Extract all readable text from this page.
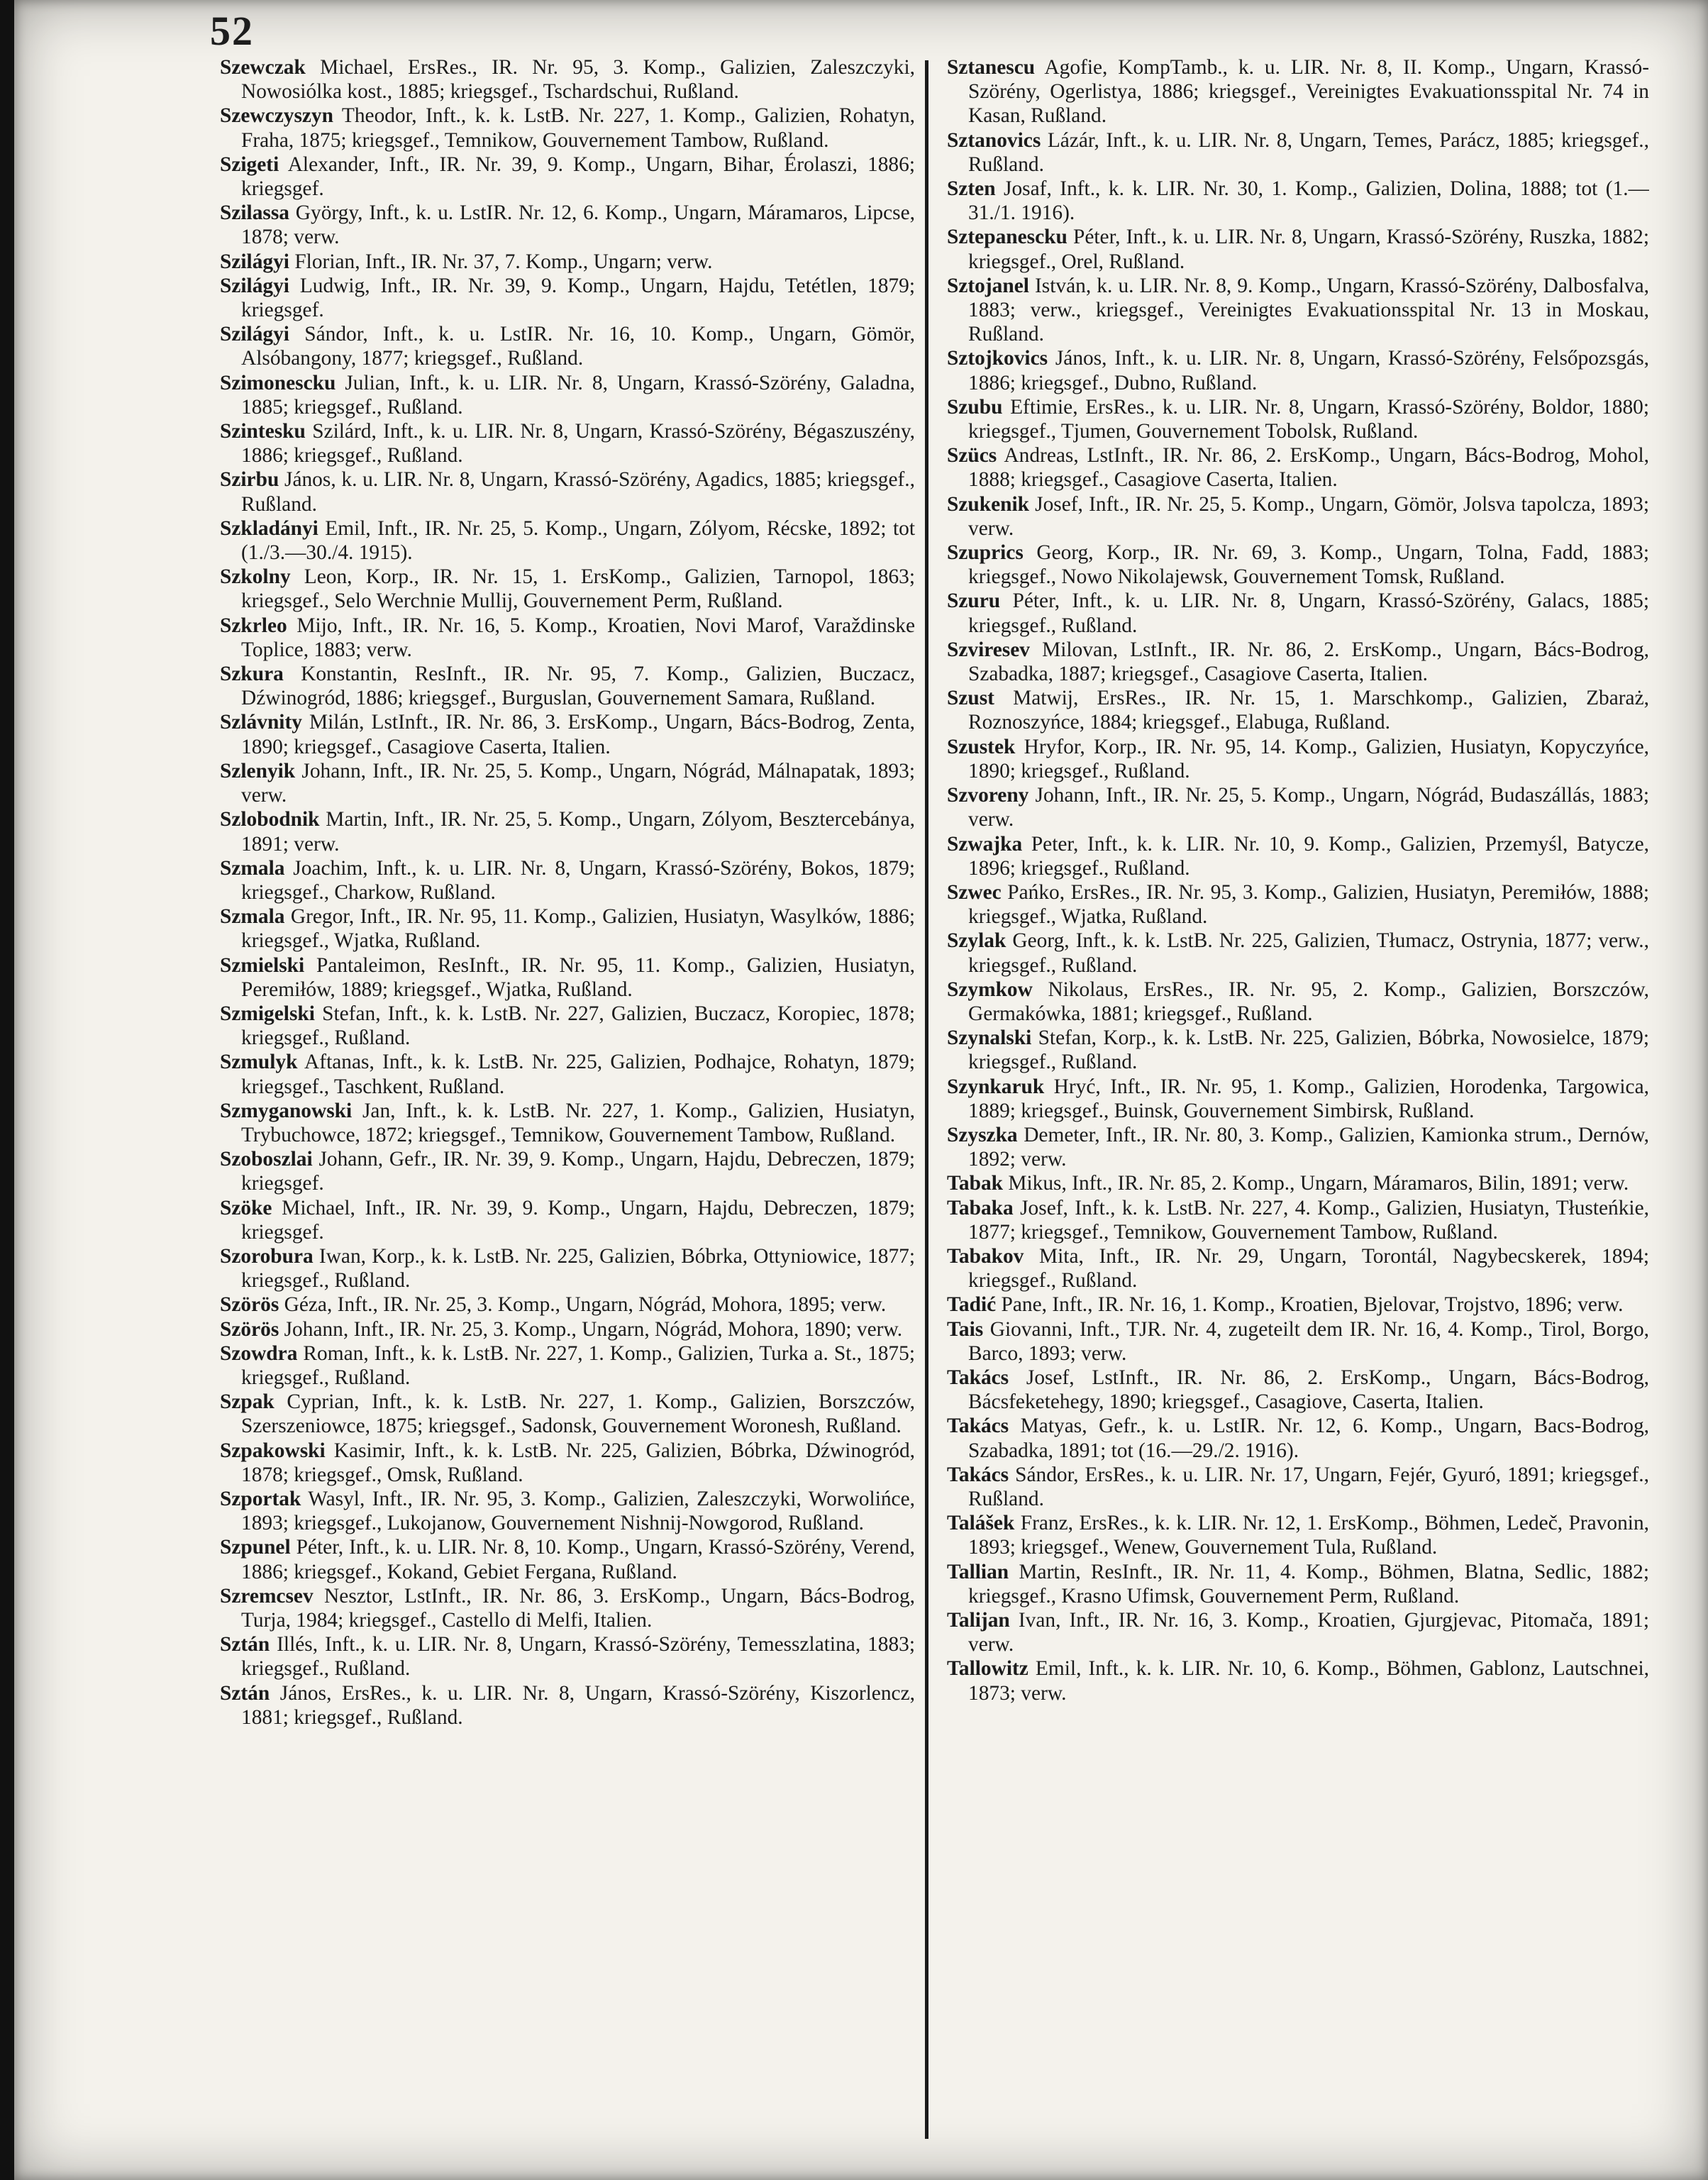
52

Szewczak Michael, ErsRes., IR. Nr. 95, 3. Komp., Galizien, Zaleszczyki, Nowosiólka kost., 1885; kriegsgef., Tschardschui, Rußland.

Szewczyszyn Theodor, Inft., k. k. LstB. Nr. 227, 1. Komp., Galizien, Rohatyn, Fraha, 1875; kriegsgef., Temnikow, Gouvernement Tambow, Rußland.

Szigeti Alexander, Inft., IR. Nr. 39, 9. Komp., Ungarn, Bihar, Érolaszi, 1886; kriegsgef.

Szilassa György, Inft., k. u. LstIR. Nr. 12, 6. Komp., Ungarn, Máramaros, Lipcse, 1878; verw.

Szilágyi Florian, Inft., IR. Nr. 37, 7. Komp., Ungarn; verw.

Szilágyi Ludwig, Inft., IR. Nr. 39, 9. Komp., Ungarn, Hajdu, Tetétlen, 1879; kriegsgef.

Szilágyi Sándor, Inft., k. u. LstIR. Nr. 16, 10. Komp., Ungarn, Gömör, Alsóbangony, 1877; kriegsgef., Rußland.

Szimonescku Julian, Inft., k. u. LIR. Nr. 8, Ungarn, Krassó-Szörény, Galadna, 1885; kriegsgef., Rußland.

Szintesku Szilárd, Inft., k. u. LIR. Nr. 8, Ungarn, Krassó-Szörény, Bégaszuszény, 1886; kriegsgef., Rußland.

Szirbu János, k. u. LIR. Nr. 8, Ungarn, Krassó-Szörény, Agadics, 1885; kriegsgef., Rußland.

Szkladányi Emil, Inft., IR. Nr. 25, 5. Komp., Ungarn, Zólyom, Récske, 1892; tot (1./3.—30./4. 1915).

Szkolny Leon, Korp., IR. Nr. 15, 1. ErsKomp., Galizien, Tarnopol, 1863; kriegsgef., Selo Werchnie Mullij, Gouvernement Perm, Rußland.

Szkrleo Mijo, Inft., IR. Nr. 16, 5. Komp., Kroatien, Novi Marof, Varaždinske Toplice, 1883; verw.

Szkura Konstantin, ResInft., IR. Nr. 95, 7. Komp., Galizien, Buczacz, Dźwinogród, 1886; kriegsgef., Burguslan, Gouvernement Samara, Rußland.

Szlávnity Milán, LstInft., IR. Nr. 86, 3. ErsKomp., Ungarn, Bács-Bodrog, Zenta, 1890; kriegsgef., Casagiove Caserta, Italien.

Szlenyik Johann, Inft., IR. Nr. 25, 5. Komp., Ungarn, Nógrád, Málnapatak, 1893; verw.

Szlobodnik Martin, Inft., IR. Nr. 25, 5. Komp., Ungarn, Zólyom, Besztercebánya, 1891; verw.

Szmala Joachim, Inft., k. u. LIR. Nr. 8, Ungarn, Krassó-Szörény, Bokos, 1879; kriegsgef., Charkow, Rußland.

Szmala Gregor, Inft., IR. Nr. 95, 11. Komp., Galizien, Husiatyn, Wasylków, 1886; kriegsgef., Wjatka, Rußland.

Szmielski Pantaleimon, ResInft., IR. Nr. 95, 11. Komp., Galizien, Husiatyn, Peremiłów, 1889; kriegsgef., Wjatka, Rußland.

Szmigelski Stefan, Inft., k. k. LstB. Nr. 227, Galizien, Buczacz, Koropiec, 1878; kriegsgef., Rußland.

Szmulyk Aftanas, Inft., k. k. LstB. Nr. 225, Galizien, Podhajce, Rohatyn, 1879; kriegsgef., Taschkent, Rußland.

Szmyganowski Jan, Inft., k. k. LstB. Nr. 227, 1. Komp., Galizien, Husiatyn, Trybuchowce, 1872; kriegsgef., Temnikow, Gouvernement Tambow, Rußland.

Szoboszlai Johann, Gefr., IR. Nr. 39, 9. Komp., Ungarn, Hajdu, Debreczen, 1879; kriegsgef.

Szöke Michael, Inft., IR. Nr. 39, 9. Komp., Ungarn, Hajdu, Debreczen, 1879; kriegsgef.

Szorobura Iwan, Korp., k. k. LstB. Nr. 225, Galizien, Bóbrka, Ottyniowice, 1877; kriegsgef., Rußland.

Szörös Géza, Inft., IR. Nr. 25, 3. Komp., Ungarn, Nógrád, Mohora, 1895; verw.

Szörös Johann, Inft., IR. Nr. 25, 3. Komp., Ungarn, Nógrád, Mohora, 1890; verw.

Szowdra Roman, Inft., k. k. LstB. Nr. 227, 1. Komp., Galizien, Turka a. St., 1875; kriegsgef., Rußland.

Szpak Cyprian, Inft., k. k. LstB. Nr. 227, 1. Komp., Galizien, Borszczów, Szerszeniowce, 1875; kriegsgef., Sadonsk, Gouvernement Woronesh, Rußland.

Szpakowski Kasimir, Inft., k. k. LstB. Nr. 225, Galizien, Bóbrka, Dźwinogród, 1878; kriegsgef., Omsk, Rußland.

Szportak Wasyl, Inft., IR. Nr. 95, 3. Komp., Galizien, Zaleszczyki, Worwolińce, 1893; kriegsgef., Lukojanow, Gouvernement Nishnij-Nowgorod, Rußland.

Szpunel Péter, Inft., k. u. LIR. Nr. 8, 10. Komp., Ungarn, Krassó-Szörény, Verend, 1886; kriegsgef., Kokand, Gebiet Fergana, Rußland.

Szremcsev Nesztor, LstInft., IR. Nr. 86, 3. ErsKomp., Ungarn, Bács-Bodrog, Turja, 1984; kriegsgef., Castello di Melfi, Italien.

Sztán Illés, Inft., k. u. LIR. Nr. 8, Ungarn, Krassó-Szörény, Temesszlatina, 1883; kriegsgef., Rußland.

Sztán János, ErsRes., k. u. LIR. Nr. 8, Ungarn, Krassó-Szörény, Kiszorlencz, 1881; kriegsgef., Rußland.

Sztanescu Agofie, KompTamb., k. u. LIR. Nr. 8, II. Komp., Ungarn, Krassó-Szörény, Ogerlistya, 1886; kriegsgef., Vereinigtes Evakuationsspital Nr. 74 in Kasan, Rußland.

Sztanovics Lázár, Inft., k. u. LIR. Nr. 8, Ungarn, Temes, Parácz, 1885; kriegsgef., Rußland.

Szten Josaf, Inft., k. k. LIR. Nr. 30, 1. Komp., Galizien, Dolina, 1888; tot (1.—31./1. 1916).

Sztepanescku Péter, Inft., k. u. LIR. Nr. 8, Ungarn, Krassó-Szörény, Ruszka, 1882; kriegsgef., Orel, Rußland.

Sztojanel István, k. u. LIR. Nr. 8, 9. Komp., Ungarn, Krassó-Szörény, Dalbosfalva, 1883; verw., kriegsgef., Vereinigtes Evakuationsspital Nr. 13 in Moskau, Rußland.

Sztojkovics János, Inft., k. u. LIR. Nr. 8, Ungarn, Krassó-Szörény, Felsőpozsgás, 1886; kriegsgef., Dubno, Rußland.

Szubu Eftimie, ErsRes., k. u. LIR. Nr. 8, Ungarn, Krassó-Szörény, Boldor, 1880; kriegsgef., Tjumen, Gouvernement Tobolsk, Rußland.

Szücs Andreas, LstInft., IR. Nr. 86, 2. ErsKomp., Ungarn, Bács-Bodrog, Mohol, 1888; kriegsgef., Casagiove Caserta, Italien.

Szukenik Josef, Inft., IR. Nr. 25, 5. Komp., Ungarn, Gömör, Jolsva tapolcza, 1893; verw.

Szuprics Georg, Korp., IR. Nr. 69, 3. Komp., Ungarn, Tolna, Fadd, 1883; kriegsgef., Nowo Nikolajewsk, Gouvernement Tomsk, Rußland.

Szuru Péter, Inft., k. u. LIR. Nr. 8, Ungarn, Krassó-Szörény, Galacs, 1885; kriegsgef., Rußland.

Szviresev Milovan, LstInft., IR. Nr. 86, 2. ErsKomp., Ungarn, Bács-Bodrog, Szabadka, 1887; kriegsgef., Casagiove Caserta, Italien.

Szust Matwij, ErsRes., IR. Nr. 15, 1. Marschkomp., Galizien, Zbaraż, Roznoszyńce, 1884; kriegsgef., Elabuga, Rußland.

Szustek Hryfor, Korp., IR. Nr. 95, 14. Komp., Galizien, Husiatyn, Kopyczyńce, 1890; kriegsgef., Rußland.

Szvoreny Johann, Inft., IR. Nr. 25, 5. Komp., Ungarn, Nógrád, Budaszállás, 1883; verw.

Szwajka Peter, Inft., k. k. LIR. Nr. 10, 9. Komp., Galizien, Przemyśl, Batycze, 1896; kriegsgef., Rußland.

Szwec Pańko, ErsRes., IR. Nr. 95, 3. Komp., Galizien, Husiatyn, Peremiłów, 1888; kriegsgef., Wjatka, Rußland.

Szylak Georg, Inft., k. k. LstB. Nr. 225, Galizien, Tłumacz, Ostrynia, 1877; verw., kriegsgef., Rußland.

Szymkow Nikolaus, ErsRes., IR. Nr. 95, 2. Komp., Galizien, Borszczów, Germakówka, 1881; kriegsgef., Rußland.

Szynalski Stefan, Korp., k. k. LstB. Nr. 225, Galizien, Bóbrka, Nowosielce, 1879; kriegsgef., Rußland.

Szynkaruk Hryć, Inft., IR. Nr. 95, 1. Komp., Galizien, Horodenka, Targowica, 1889; kriegsgef., Buinsk, Gouvernement Simbirsk, Rußland.

Szyszka Demeter, Inft., IR. Nr. 80, 3. Komp., Galizien, Kamionka strum., Dernów, 1892; verw.

Tabak Mikus, Inft., IR. Nr. 85, 2. Komp., Ungarn, Máramaros, Bilin, 1891; verw.

Tabaka Josef, Inft., k. k. LstB. Nr. 227, 4. Komp., Galizien, Husiatyn, Tłusteńkie, 1877; kriegsgef., Temnikow, Gouvernement Tambow, Rußland.

Tabakov Mita, Inft., IR. Nr. 29, Ungarn, Torontál, Nagybecskerek, 1894; kriegsgef., Rußland.

Tadić Pane, Inft., IR. Nr. 16, 1. Komp., Kroatien, Bjelovar, Trojstvo, 1896; verw.

Tais Giovanni, Inft., TJR. Nr. 4, zugeteilt dem IR. Nr. 16, 4. Komp., Tirol, Borgo, Barco, 1893; verw.

Takács Josef, LstInft., IR. Nr. 86, 2. ErsKomp., Ungarn, Bács-Bodrog, Bácsfeketehegy, 1890; kriegsgef., Casagiove, Caserta, Italien.

Takács Matyas, Gefr., k. u. LstIR. Nr. 12, 6. Komp., Ungarn, Bacs-Bodrog, Szabadka, 1891; tot (16.—29./2. 1916).

Takács Sándor, ErsRes., k. u. LIR. Nr. 17, Ungarn, Fejér, Gyuró, 1891; kriegsgef., Rußland.

Talášek Franz, ErsRes., k. k. LIR. Nr. 12, 1. ErsKomp., Böhmen, Ledeč, Pravonin, 1893; kriegsgef., Wenew, Gouvernement Tula, Rußland.

Tallian Martin, ResInft., IR. Nr. 11, 4. Komp., Böhmen, Blatna, Sedlic, 1882; kriegsgef., Krasno Ufimsk, Gouvernement Perm, Rußland.

Talijan Ivan, Inft., IR. Nr. 16, 3. Komp., Kroatien, Gjurgjevac, Pitomača, 1891; verw.

Tallowitz Emil, Inft., k. k. LIR. Nr. 10, 6. Komp., Böhmen, Gablonz, Lautschnei, 1873; verw.
